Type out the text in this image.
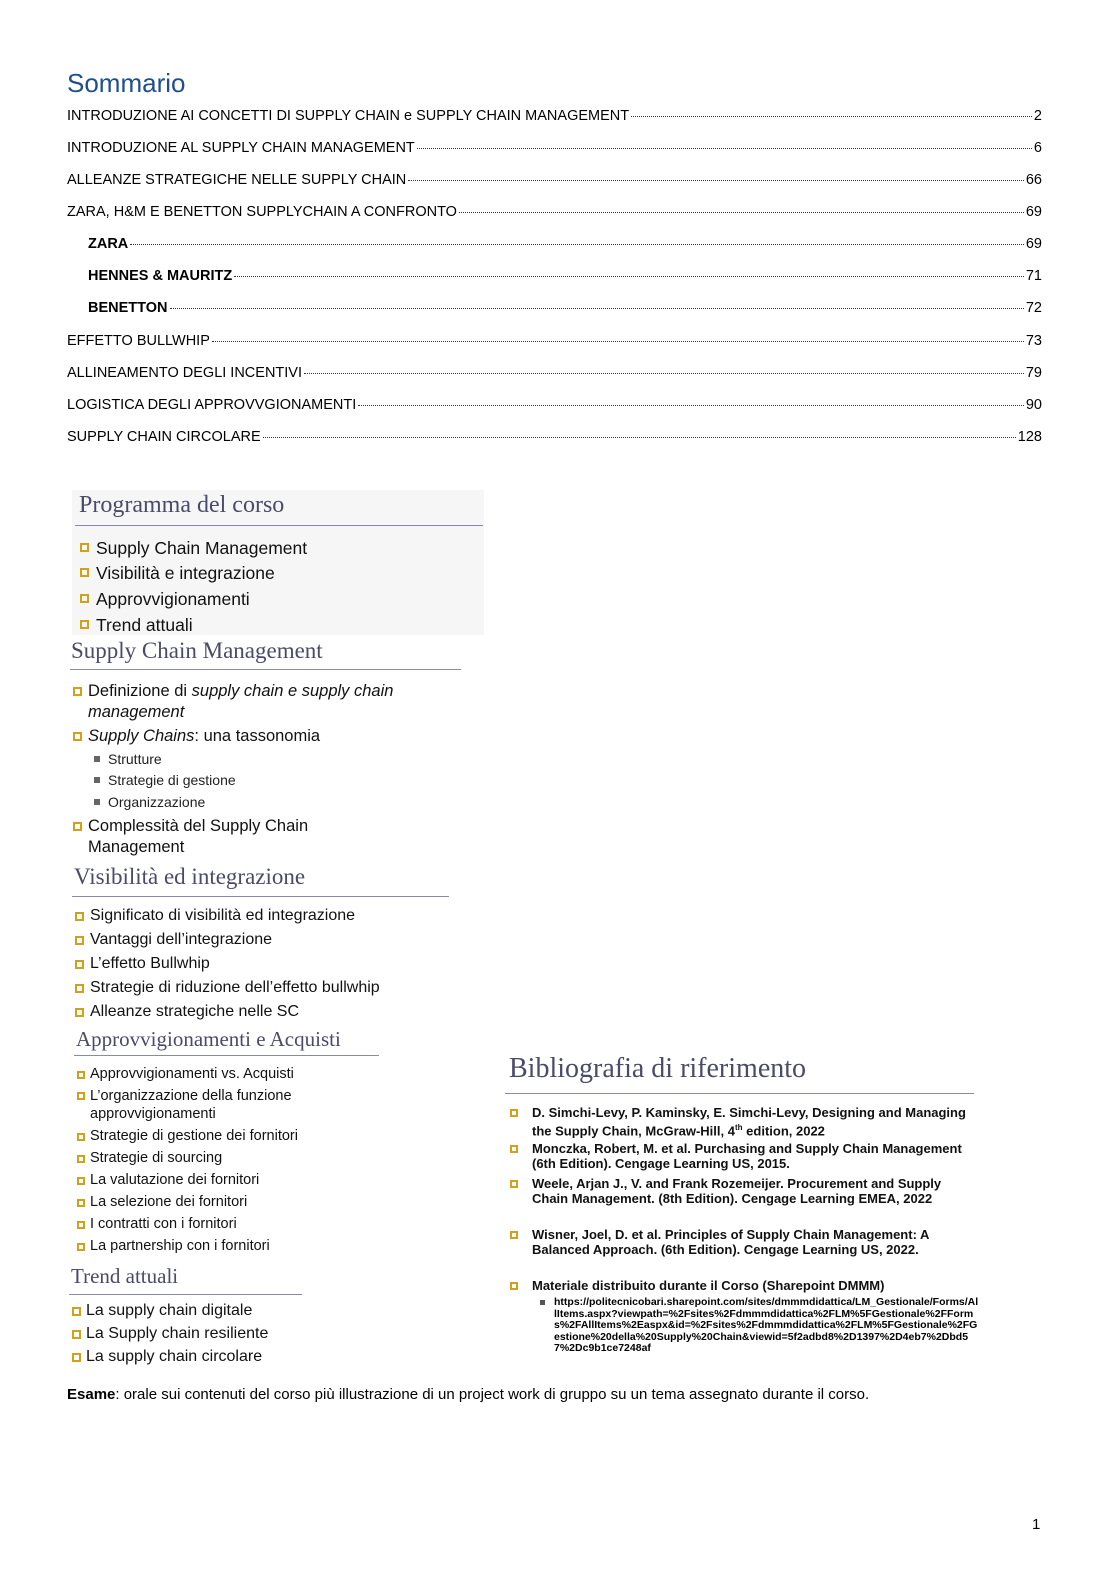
Sommario
INTRODUZIONE AI CONCETTI DI SUPPLY CHAIN e SUPPLY CHAIN MANAGEMENT	2
INTRODUZIONE AL SUPPLY CHAIN MANAGEMENT	6
ALLEANZE STRATEGICHE NELLE SUPPLY CHAIN	66
ZARA, H&M E BENETTON SUPPLYCHAIN A CONFRONTO	69
ZARA	69
HENNES & MAURITZ	71
BENETTON	72
EFFETTO BULLWHIP	73
ALLINEAMENTO DEGLI INCENTIVI	79
LOGISTICA DEGLI APPROVVGIONAMENTI	90
SUPPLY CHAIN CIRCOLARE	128
Programma del corso
Supply Chain Management
Visibilità e integrazione
Approvvigionamenti
Trend attuali
Supply Chain Management
Definizione di supply chain e supply chain management
Supply Chains: una tassonomia
Strutture
Strategie di gestione
Organizzazione
Complessità del Supply Chain Management
Visibilità ed integrazione
Significato di visibilità ed integrazione
Vantaggi dell’integrazione
L’effetto Bullwhip
Strategie di riduzione dell’effetto bullwhip
Alleanze strategiche nelle SC
Approvvigionamenti e Acquisti
Approvvigionamenti vs. Acquisti
L’organizzazione della funzione approvvigionamenti
Strategie di gestione dei fornitori
Strategie di sourcing
La valutazione dei fornitori
La selezione dei fornitori
I contratti con i fornitori
La partnership con i fornitori
Trend attuali
La supply chain digitale
La Supply chain resiliente
La supply chain circolare
Bibliografia di riferimento
D. Simchi-Levy, P. Kaminsky, E. Simchi-Levy, Designing and Managing the Supply Chain, McGraw-Hill, 4th edition, 2022
Monczka, Robert, M. et al. Purchasing and Supply Chain Management (6th Edition). Cengage Learning US, 2015.
Weele, Arjan J., V. and Frank Rozemeijer. Procurement and Supply Chain Management. (8th Edition). Cengage Learning EMEA, 2022
Wisner, Joel, D. et al. Principles of Supply Chain Management: A Balanced Approach. (6th Edition). Cengage Learning US, 2022.
Materiale distribuito durante il Corso (Sharepoint DMMM)
https://politecnicobari.sharepoint.com/sites/dmmmdidattica/LM_Gestionale/Forms/AllItems.aspx?viewpath=%2Fsites%2Fdmmmdidattica%2FLM%5FGestionale%2FForms%2FAllItems%2Easpx&id=%2Fsites%2Fdmmmdidattica%2FLM%5FGestionale%2FGestione%20della%20Supply%20Chain&viewid=5f2adbd8%2D1397%2D4eb7%2Dbd57%2Dc9b1ce7248af
Esame: orale sui contenuti del corso più illustrazione di un project work di gruppo su un tema assegnato durante il corso.
1
